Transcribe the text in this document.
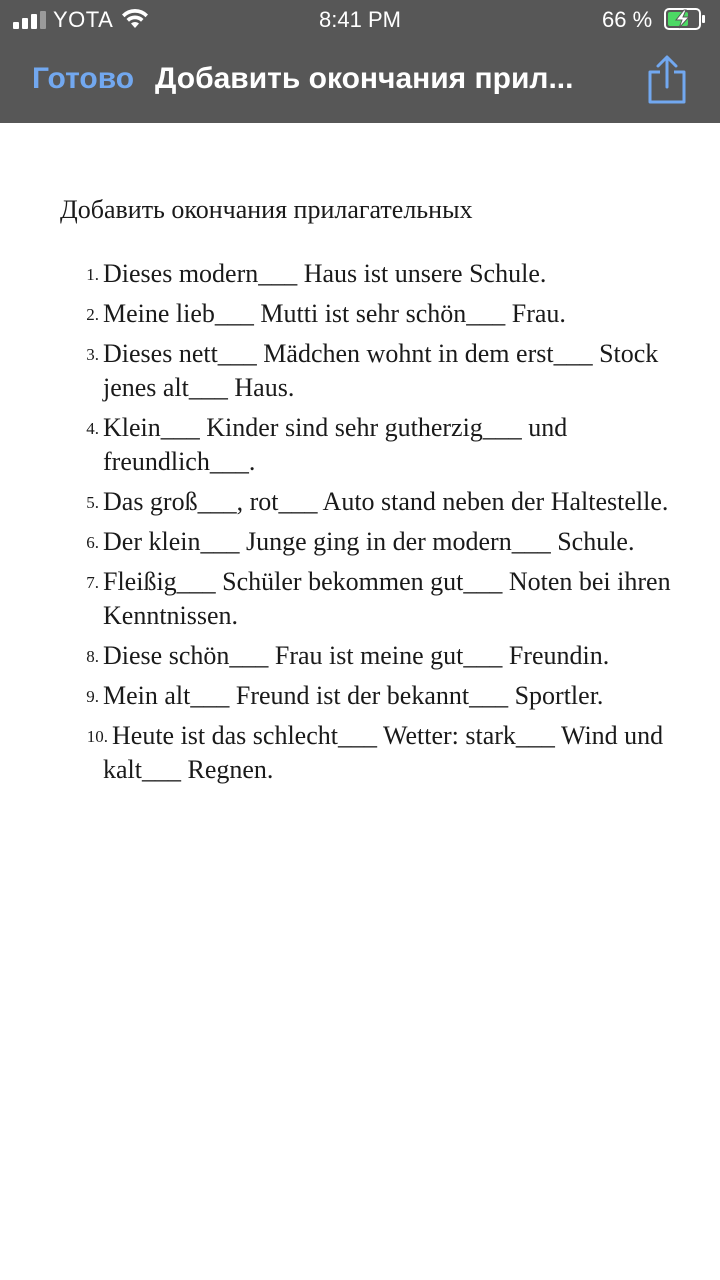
YOTA	8:41 PM	66 %
Готово Добавить окончания прил...
Добавить окончания прилагательных
1. Dieses modern___ Haus ist unsere Schule.
2. Meine lieb___ Mutti ist sehr schön___ Frau.
3. Dieses nett___ Mädchen wohnt in dem erst___ Stock jenes alt___ Haus.
4. Klein___ Kinder sind sehr gutherzig___ und freundlich___.
5. Das groß___, rot___ Auto stand neben der Haltestelle.
6. Der klein___ Junge ging in der modern___ Schule.
7. Fleißig___ Schüler bekommen gut___ Noten bei ihren Kenntnissen.
8. Diese schön___ Frau ist meine gut___ Freundin.
9. Mein alt___ Freund ist der bekannt___ Sportler.
10. Heute ist das schlecht___ Wetter: stark___ Wind und kalt___ Regnen.
